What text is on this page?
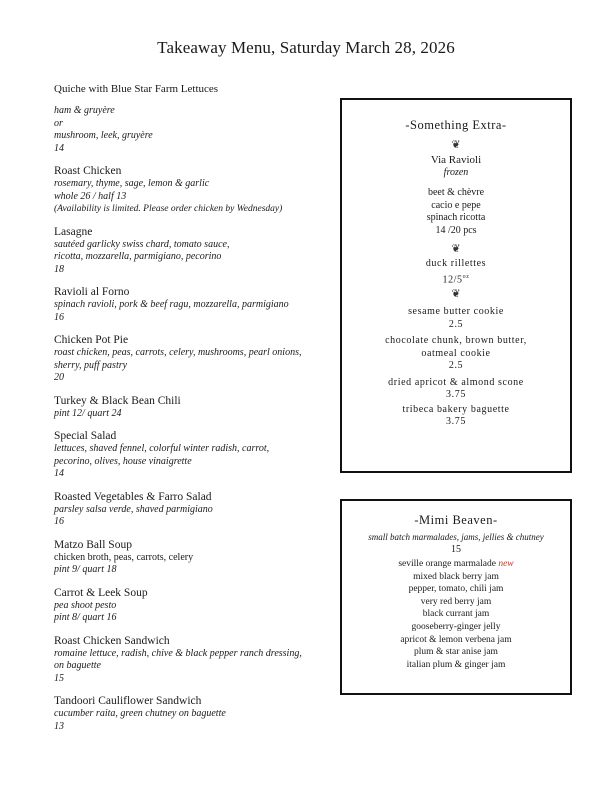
Takeaway Menu, Saturday March 28, 2026
Quiche with Blue Star Farm Lettuces
ham & gruyère
or
mushroom, leek, gruyère
14
Roast Chicken
rosemary, thyme, sage, lemon & garlic
whole 26 / half 13
(Availability is limited. Please order chicken by Wednesday)
Lasagne
sautéed garlicky swiss chard, tomato sauce,
ricotta, mozzarella, parmigiano, pecorino
18
Ravioli al Forno
spinach ravioli, pork & beef ragu, mozzarella, parmigiano
16
Chicken Pot Pie
roast chicken, peas, carrots, celery, mushrooms, pearl onions,
sherry, puff pastry
20
Turkey & Black Bean Chili
pint 12/ quart 24
Special Salad
lettuces, shaved fennel, colorful winter radish, carrot,
pecorino, olives, house vinaigrette
14
Roasted Vegetables & Farro Salad
parsley salsa verde, shaved parmigiano
16
Matzo Ball Soup
chicken broth, peas, carrots, celery
pint 9/ quart 18
Carrot & Leek Soup
pea shoot pesto
pint 8/ quart 16
Roast Chicken Sandwich
romaine lettuce, radish, chive & black pepper ranch dressing,
on baguette
15
Tandoori Cauliflower Sandwich
cucumber raita, green chutney on baguette
13
-Something Extra-
❦
Via Ravioli
frozen
beet & chèvre
cacio e pepe
spinach ricotta
14 /20 pcs
❦
duck rillettes
$12/5^{oz}$
❦
sesame butter cookie
2.5
chocolate chunk, brown butter, oatmeal cookie
2.5
dried apricot & almond scone
3.75
tribeca bakery baguette
3.75
-Mimi Beaven-
small batch marmalades, jams, jellies & chutney
15
seville orange marmalade new
mixed black berry jam
pepper, tomato, chili jam
very red berry jam
black currant jam
gooseberry-ginger jelly
apricot & lemon verbena jam
plum & star anise jam
italian plum & ginger jam
